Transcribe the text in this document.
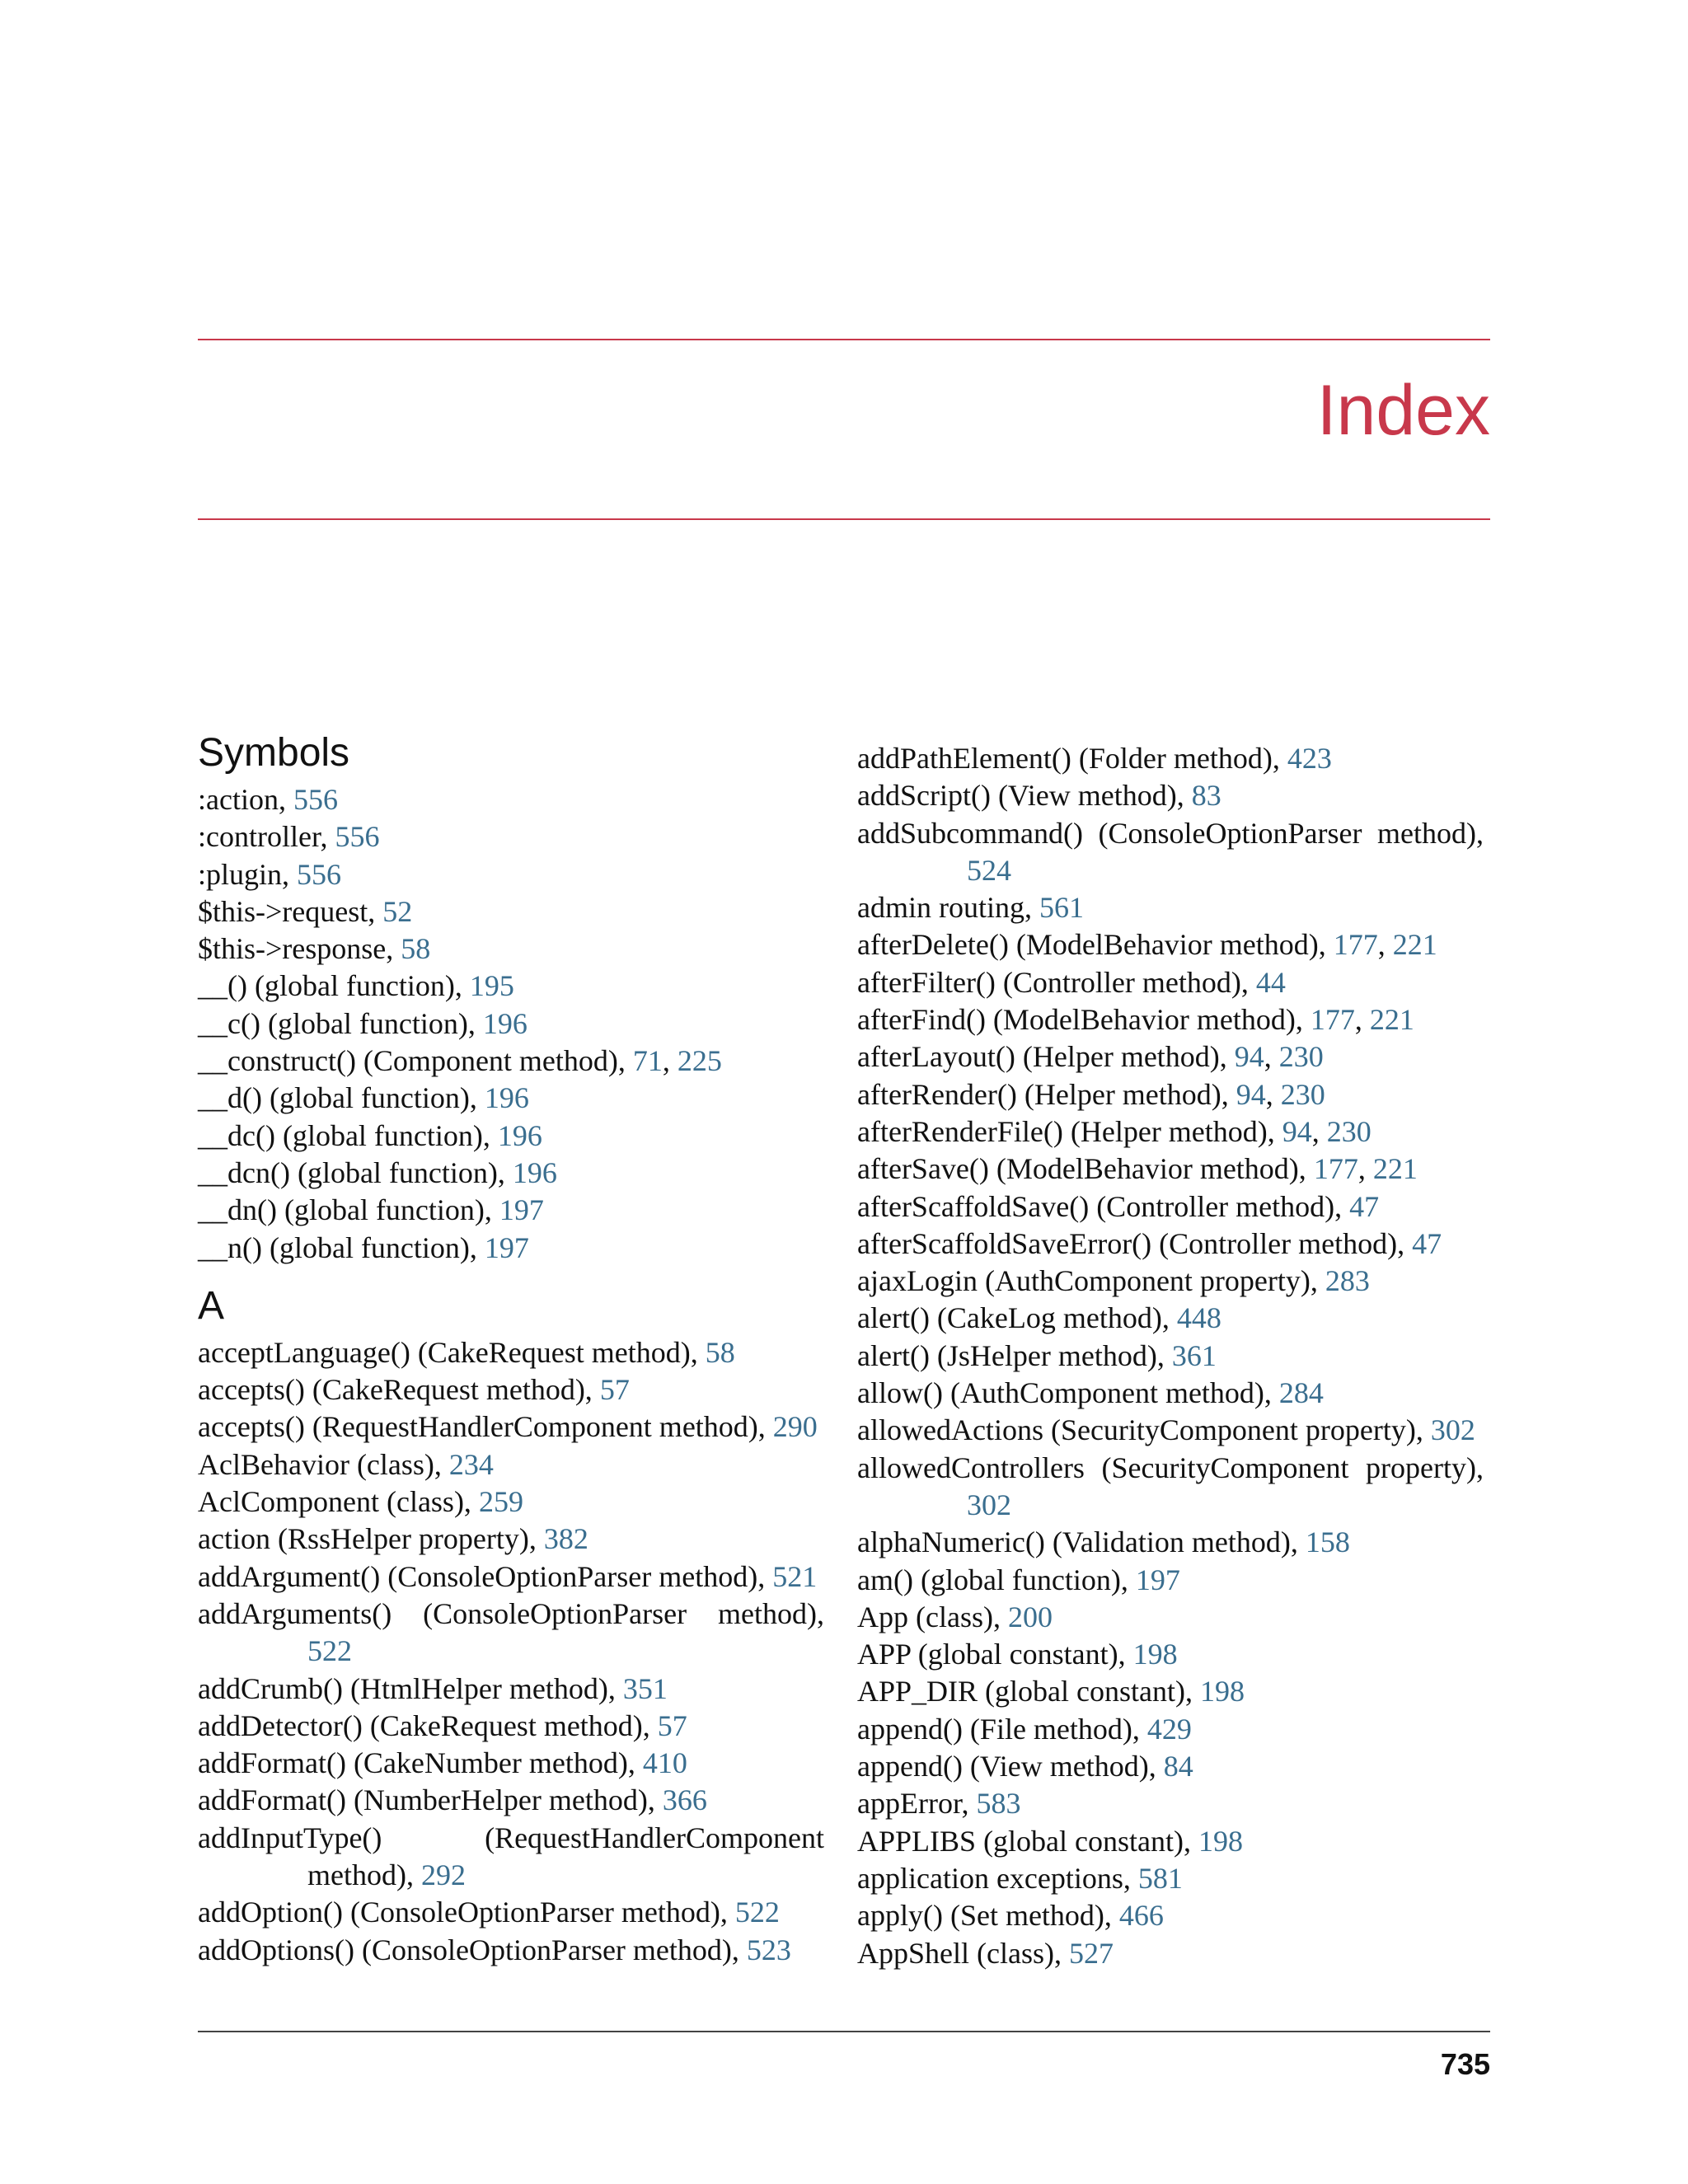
Index
Symbols
:action, 556
:controller, 556
:plugin, 556
$this->request, 52
$this->response, 58
__() (global function), 195
__c() (global function), 196
__construct() (Component method), 71 , 225
__d() (global function), 196
__dc() (global function), 196
__dcn() (global function), 196
__dn() (global function), 197
__n() (global function), 197
A
acceptLanguage() (CakeRequest method), 58
accepts() (CakeRequest method), 57
accepts() (RequestHandlerComponent method), 290
AclBehavior (class), 234
AclComponent (class), 259
action (RssHelper property), 382
addArgument() (ConsoleOptionParser method), 521
addArguments() (ConsoleOptionParser method),
522
addCrumb() (HtmlHelper method), 351
addDetector() (CakeRequest method), 57
addFormat() (CakeNumber method), 410
addFormat() (NumberHelper method), 366
addInputType()	(RequestHandlerComponent
method), 292
addOption() (ConsoleOptionParser method), 522
addOptions() (ConsoleOptionParser method), 523
addPathElement() (Folder method), 423
addScript() (View method), 83
addSubcommand() (ConsoleOptionParser method),
524
admin routing, 561
afterDelete() (ModelBehavior method), 177 , 221
afterFilter() (Controller method), 44
afterFind() (ModelBehavior method), 177 , 221
afterLayout() (Helper method), 94 , 230
afterRender() (Helper method), 94 , 230
afterRenderFile() (Helper method), 94 , 230
afterSave() (ModelBehavior method), 177 , 221
afterScaffoldSave() (Controller method), 47
afterScaffoldSaveError() (Controller method), 47
ajaxLogin (AuthComponent property), 283
alert() (CakeLog method), 448
alert() (JsHelper method), 361
allow() (AuthComponent method), 284
allowedActions (SecurityComponent property), 302
allowedControllers (SecurityComponent property),
302
alphaNumeric() (Validation method), 158
am() (global function), 197
App (class), 200
APP (global constant), 198
APP_DIR (global constant), 198
append() (File method), 429
append() (View method), 84
appError, 583
APPLIBS (global constant), 198
application exceptions, 581
apply() (Set method), 466
AppShell (class), 527
735
